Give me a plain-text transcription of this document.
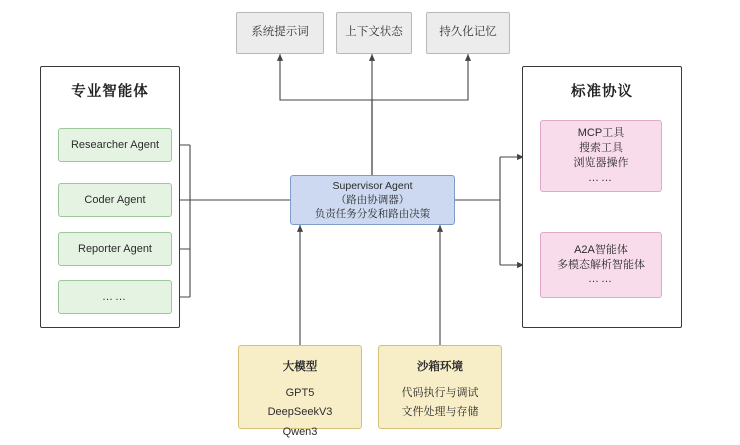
系统提示词	上下文状态	持久化记忆
专业智能体
Researcher Agent
Coder Agent
Reporter Agent
……
标准协议
MCP工具
搜索工具
浏览器操作
……
A2A智能体
多模态解析智能体
……
Supervisor Agent
（路由协调器）
负责任务分发和路由决策
大模型
GPT5
DeepSeekV3
Qwen3
沙箱环境
代码执行与调试
文件处理与存储
